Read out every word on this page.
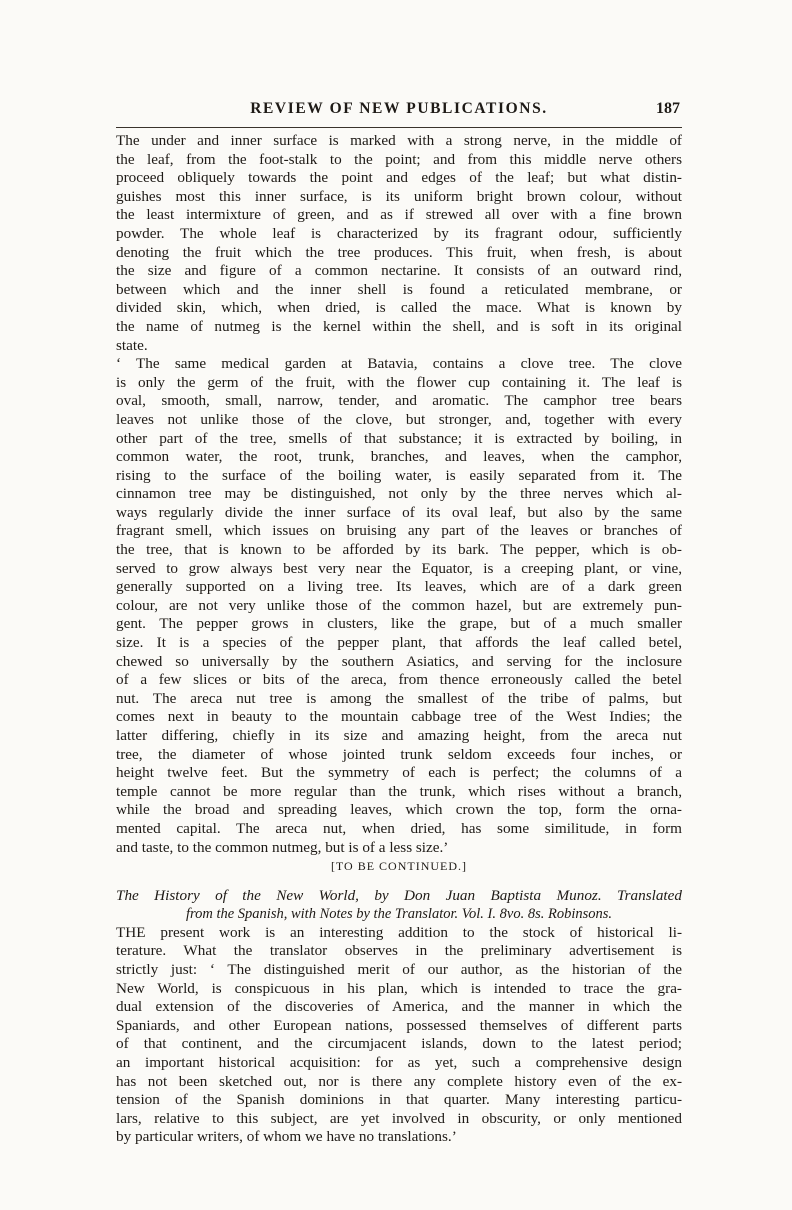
REVIEW OF NEW PUBLICATIONS.	187
The under and inner surface is marked with a strong nerve, in the middle of
the leaf, from the foot-stalk to the point; and from this middle nerve others
proceed obliquely towards the point and edges of the leaf; but what distin-
guishes most this inner surface, is its uniform bright brown colour, without
the least intermixture of green, and as if strewed all over with a fine brown
powder. The whole leaf is characterized by its fragrant odour, sufficiently
denoting the fruit which the tree produces. This fruit, when fresh, is about
the size and figure of a common nectarine. It consists of an outward rind,
between which and the inner shell is found a reticulated membrane, or
divided skin, which, when dried, is called the mace. What is known by
the name of nutmeg is the kernel within the shell, and is soft in its original
state.
‘ The same medical garden at Batavia, contains a clove tree. The clove
is only the germ of the fruit, with the flower cup containing it. The leaf is
oval, smooth, small, narrow, tender, and aromatic. The camphor tree bears
leaves not unlike those of the clove, but stronger, and, together with every
other part of the tree, smells of that substance; it is extracted by boiling, in
common water, the root, trunk, branches, and leaves, when the camphor,
rising to the surface of the boiling water, is easily separated from it. The
cinnamon tree may be distinguished, not only by the three nerves which al-
ways regularly divide the inner surface of its oval leaf, but also by the same
fragrant smell, which issues on bruising any part of the leaves or branches of
the tree, that is known to be afforded by its bark. The pepper, which is ob-
served to grow always best very near the Equator, is a creeping plant, or vine,
generally supported on a living tree. Its leaves, which are of a dark green
colour, are not very unlike those of the common hazel, but are extremely pun-
gent. The pepper grows in clusters, like the grape, but of a much smaller
size. It is a species of the pepper plant, that affords the leaf called betel,
chewed so universally by the southern Asiatics, and serving for the inclosure
of a few slices or bits of the areca, from thence erroneously called the betel
nut. The areca nut tree is among the smallest of the tribe of palms, but
comes next in beauty to the mountain cabbage tree of the West Indies; the
latter differing, chiefly in its size and amazing height, from the areca nut
tree, the diameter of whose jointed trunk seldom exceeds four inches, or
height twelve feet. But the symmetry of each is perfect; the columns of a
temple cannot be more regular than the trunk, which rises without a branch,
while the broad and spreading leaves, which crown the top, form the orna-
mented capital. The areca nut, when dried, has some similitude, in form
and taste, to the common nutmeg, but is of a less size.’
[TO BE CONTINUED.]
The History of the New World, by Don Juan Baptista Munoz. Translated
from the Spanish, with Notes by the Translator. Vol. I. 8vo. 8s. Robinsons.
THE present work is an interesting addition to the stock of historical li-
terature. What the translator observes in the preliminary advertisement is
strictly just: ‘ The distinguished merit of our author, as the historian of the
New World, is conspicuous in his plan, which is intended to trace the gra-
dual extension of the discoveries of America, and the manner in which the
Spaniards, and other European nations, possessed themselves of different parts
of that continent, and the circumjacent islands, down to the latest period;
an important historical acquisition: for as yet, such a comprehensive design
has not been sketched out, nor is there any complete history even of the ex-
tension of the Spanish dominions in that quarter. Many interesting particu-
lars, relative to this subject, are yet involved in obscurity, or only mentioned
by particular writers, of whom we have no translations.’
